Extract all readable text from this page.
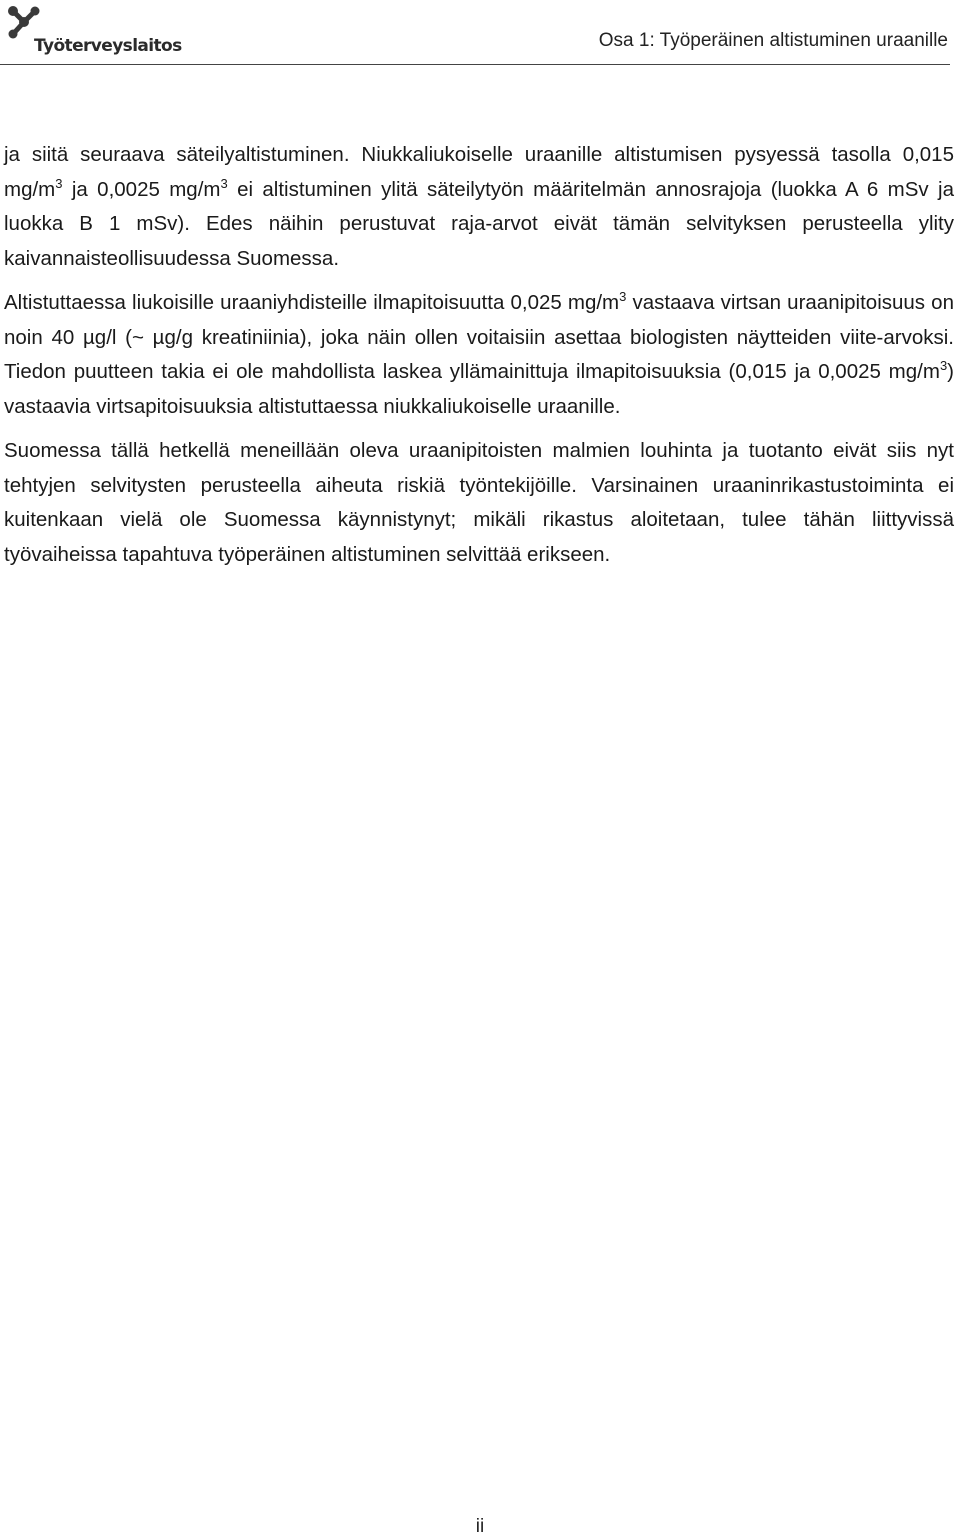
Työterveyslaitos	Osa 1: Työperäinen altistuminen uraanille

ja siitä seuraava säteilyaltistuminen. Niukkaliukoiselle uraanille altistumisen pysyessä tasolla 0,015 $mg/m^3$ ja 0,0025 $mg/m^3$ ei altistuminen ylitä säteilytyön määritelmän annosrajoja (luokka A 6 mSv ja luokka B 1 mSv). Edes näihin perustuvat raja-arvot eivät tämän selvityksen perusteella ylity kaivannaisteollisuudessa Suomessa.

Altistuttaessa liukoisille uraaniyhdisteille ilmapitoisuutta 0,025 $mg/m^3$ vastaava virtsan uraanipitoisuus on noin 40 µg/l (~ µg/g kreatiniinia), joka näin ollen voitaisiin asettaa biologisten näytteiden viite-arvoksi. Tiedon puutteen takia ei ole mahdollista laskea yllämainittuja ilmapitoisuuksia (0,015 ja 0,0025 $mg/m^3$) vastaavia virtsapitoisuuksia altistuttaessa niukkaliukoiselle uraanille.

Suomessa tällä hetkellä meneillään oleva uraanipitoisten malmien louhinta ja tuotanto eivät siis nyt tehtyjen selvitysten perusteella aiheuta riskiä työntekijöille. Varsinainen uraaninrikastustoiminta ei kuitenkaan vielä ole Suomessa käynnistynyt; mikäli rikastus aloitetaan, tulee tähän liittyvissä työvaiheissa tapahtuva työperäinen altistuminen selvittää erikseen.

ii
